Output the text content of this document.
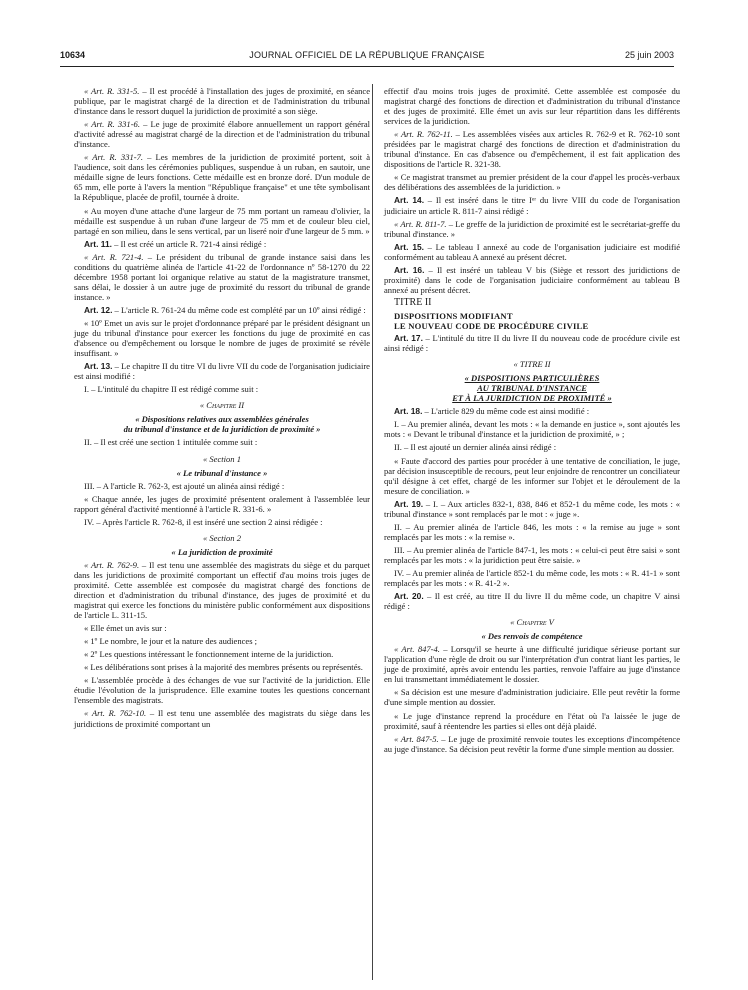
10634	JOURNAL OFFICIEL DE LA RÉPUBLIQUE FRANÇAISE	25 juin 2003

« Art. R. 331-5. – Il est procédé à l'installation des juges de proximité, en séance publique, par le magistrat chargé de la direction et de l'administration du tribunal d'instance dans le ressort duquel la juridiction de proximité a son siège.

« Art. R. 331-6. – Le juge de proximité élabore annuellement un rapport général d'activité adressé au magistrat chargé de la direction et de l'administration du tribunal d'instance.

« Art. R. 331-7. – Les membres de la juridiction de proximité portent, soit à l'audience, soit dans les cérémonies publiques, suspendue à un ruban, en sautoir, une médaille signe de leurs fonctions. Cette médaille est en bronze doré. D'un module de 65 mm, elle porte à l'avers la mention "République française" et une tête symbolisant la République, placée de profil, tournée à droite.

« Au moyen d'une attache d'une largeur de 75 mm portant un rameau d'olivier, la médaille est suspendue à un ruban d'une largeur de 75 mm et de couleur bleu ciel, partagé en son milieu, dans le sens vertical, par un liseré noir d'une largeur de 5 mm. »

Art. 11. – Il est créé un article R. 721-4 ainsi rédigé :

« Art. R. 721-4. – Le président du tribunal de grande instance saisi dans les conditions du quatrième alinéa de l'article 41-22 de l'ordonnance nº 58-1270 du 22 décembre 1958 portant loi organique relative au statut de la magistrature transmet, sans délai, le dossier à un autre juge de proximité du ressort du tribunal de grande instance. »

Art. 12. – L'article R. 761-24 du même code est complété par un 10º ainsi rédigé :

« 10º Emet un avis sur le projet d'ordonnance préparé par le président désignant un juge du tribunal d'instance pour exercer les fonctions du juge de proximité en cas d'absence ou d'empêchement ou lorsque le nombre de juges de proximité se révèle insuffisant. »

Art. 13. – Le chapitre II du titre VI du livre VII du code de l'organisation judiciaire est ainsi modifié :

I. – L'intitulé du chapitre II est rédigé comme suit :

« Chapitre II

« Dispositions relatives aux assemblées générales

du tribunal d'instance et de la juridiction de proximité »

II. – Il est créé une section 1 intitulée comme suit :

« Section 1

« Le tribunal d'instance »

III. – A l'article R. 762-3, est ajouté un alinéa ainsi rédigé :

« Chaque année, les juges de proximité présentent oralement à l'assemblée leur rapport général d'activité mentionné à l'article R. 331-6. »

IV. – Après l'article R. 762-8, il est inséré une section 2 ainsi rédigée :

« Section 2

« La juridiction de proximité

« Art. R. 762-9. – Il est tenu une assemblée des magistrats du siège et du parquet dans les juridictions de proximité comportant un effectif d'au moins trois juges de proximité. Cette assemblée est composée du magistrat chargé des fonctions de direction et d'administration du tribunal d'instance, des juges de proximité et du magistrat qui exerce les fonctions du ministère public conformément aux dispositions de l'article L. 311-15.

« Elle émet un avis sur :

« 1º Le nombre, le jour et la nature des audiences ;

« 2º Les questions intéressant le fonctionnement interne de la juridiction.

« Les délibérations sont prises à la majorité des membres présents ou représentés.

« L'assemblée procède à des échanges de vue sur l'activité de la juridiction. Elle étudie l'évolution de la jurisprudence. Elle examine toutes les questions concernant l'ensemble des magistrats.

« Art. R. 762-10. – Il est tenu une assemblée des magistrats du siège dans les juridictions de proximité comportant un

effectif d'au moins trois juges de proximité. Cette assemblée est composée du magistrat chargé des fonctions de direction et d'administration du tribunal d'instance et des juges de proximité. Elle émet un avis sur leur répartition dans les différents services de la juridiction.

« Art. R. 762-11. – Les assemblées visées aux articles R. 762-9 et R. 762-10 sont présidées par le magistrat chargé des fonctions de direction et d'administration du tribunal d'instance. En cas d'absence ou d'empêchement, il est fait application des dispositions de l'article R. 321-38.

« Ce magistrat transmet au premier président de la cour d'appel les procès-verbaux des délibérations des assemblées de la juridiction. »

Art. 14. – Il est inséré dans le titre Iᵉʳ du livre VIII du code de l'organisation judiciaire un article R. 811-7 ainsi rédigé :

« Art. R. 811-7. – Le greffe de la juridiction de proximité est le secrétariat-greffe du tribunal d'instance. »

Art. 15. – Le tableau I annexé au code de l'organisation judiciaire est modifié conformément au tableau A annexé au présent décret.

Art. 16. – Il est inséré un tableau V bis (Siège et ressort des juridictions de proximité) dans le code de l'organisation judiciaire conformément au tableau B annexé au présent décret.

TITRE II

DISPOSITIONS MODIFIANT

LE NOUVEAU CODE DE PROCÉDURE CIVILE

Art. 17. – L'intitulé du titre II du livre II du nouveau code de procédure civile est ainsi rédigé :

« TITRE II

« DISPOSITIONS PARTICULIÈRES

AU TRIBUNAL D'INSTANCE

ET À LA JURIDICTION DE PROXIMITÉ »

Art. 18. – L'article 829 du même code est ainsi modifié :

I. – Au premier alinéa, devant les mots : « la demande en justice », sont ajoutés les mots : « Devant le tribunal d'instance et la juridiction de proximité, » ;

II. – Il est ajouté un dernier alinéa ainsi rédigé :

« Faute d'accord des parties pour procéder à une tentative de conciliation, le juge, par décision insusceptible de recours, peut leur enjoindre de rencontrer un conciliateur qu'il désigne à cet effet, chargé de les informer sur l'objet et le déroulement de la mesure de conciliation. »

Art. 19. – I. – Aux articles 832-1, 838, 846 et 852-1 du même code, les mots : « tribunal d'instance » sont remplacés par le mot : « juge ».

II. – Au premier alinéa de l'article 846, les mots : « la remise au juge » sont remplacés par les mots : « la remise ».

III. – Au premier alinéa de l'article 847-1, les mots : « celui-ci peut être saisi » sont remplacés par les mots : « la juridiction peut être saisie. »

IV. – Au premier alinéa de l'article 852-1 du même code, les mots : « R. 41-1 » sont remplacés par les mots : « R. 41-2 ».

Art. 20. – Il est créé, au titre II du livre II du même code, un chapitre V ainsi rédigé :

« Chapitre V

« Des renvois de compétence

« Art. 847-4. – Lorsqu'il se heurte à une difficulté juridique sérieuse portant sur l'application d'une règle de droit ou sur l'interprétation d'un contrat liant les parties, le juge de proximité, après avoir entendu les parties, renvoie l'affaire au juge d'instance en lui transmettant immédiatement le dossier.

« Sa décision est une mesure d'administration judiciaire. Elle peut revêtir la forme d'une simple mention au dossier.

« Le juge d'instance reprend la procédure en l'état où l'a laissée le juge de proximité, sauf à réentendre les parties si elles ont déjà plaidé.

« Art. 847-5. – Le juge de proximité renvoie toutes les exceptions d'incompétence au juge d'instance. Sa décision peut revêtir la forme d'une simple mention au dossier.
